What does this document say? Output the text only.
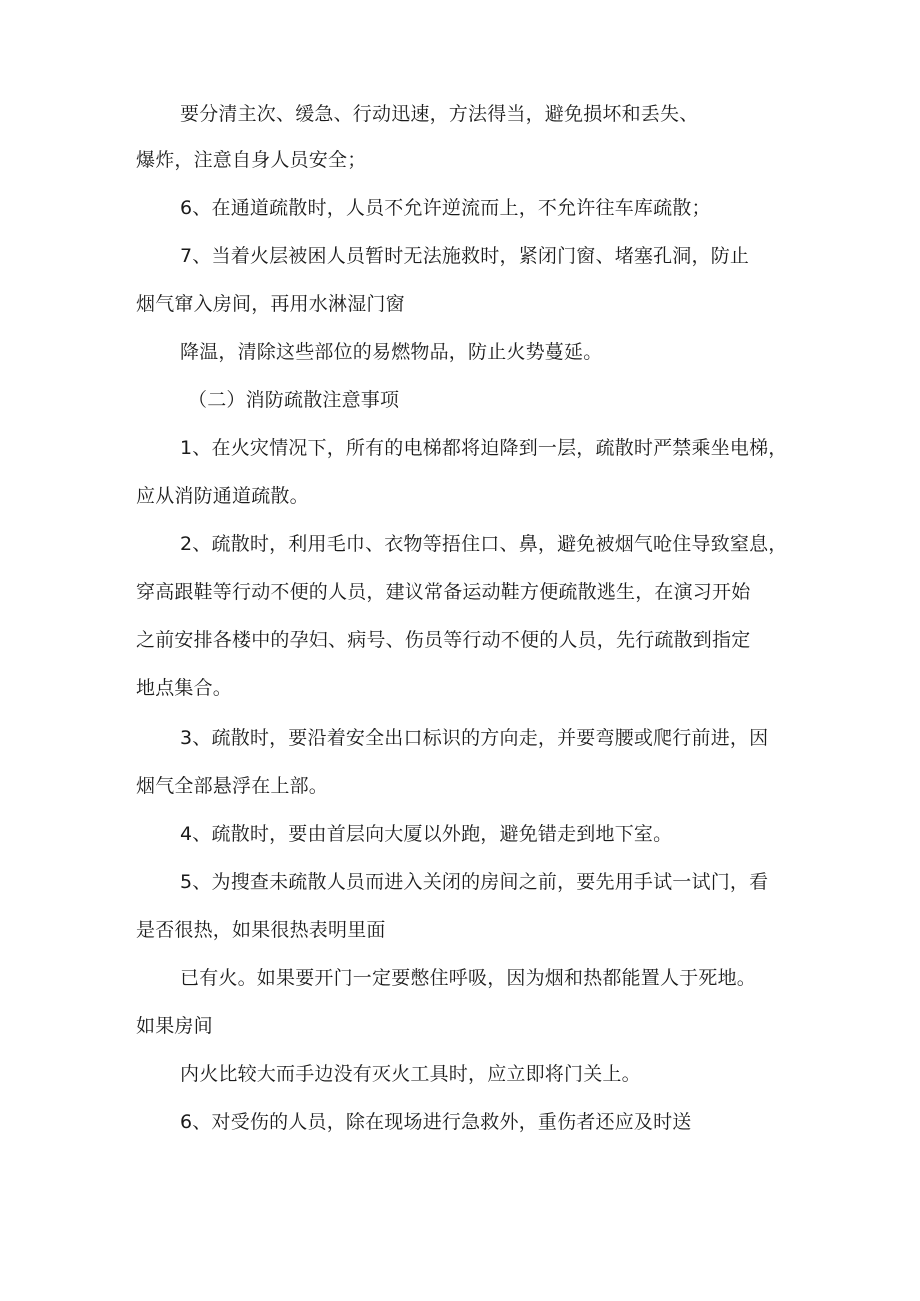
要分清主次、缓急、行动迅速，方法得当，避免损坏和丢失、
爆炸，注意自身人员安全；
6、在通道疏散时，人员不允许逆流而上，不允许往车库疏散；
7、当着火层被困人员暂时无法施救时，紧闭门窗、堵塞孔洞，防止
烟气窜入房间，再用水淋湿门窗
降温，清除这些部位的易燃物品，防止火势蔓延。
（二）消防疏散注意事项
1、在火灾情况下，所有的电梯都将迫降到一层，疏散时严禁乘坐电梯，
应从消防通道疏散。
2、疏散时，利用毛巾、衣物等捂住口、鼻，避免被烟气呛住导致窒息，
穿高跟鞋等行动不便的人员，建议常备运动鞋方便疏散逃生，在演习开始
之前安排各楼中的孕妇、病号、伤员等行动不便的人员，先行疏散到指定
地点集合。
3、疏散时，要沿着安全出口标识的方向走，并要弯腰或爬行前进，因
烟气全部悬浮在上部。
4、疏散时，要由首层向大厦以外跑，避免错走到地下室。
5、为搜查未疏散人员而进入关闭的房间之前，要先用手试一试门，看
是否很热，如果很热表明里面
已有火。如果要开门一定要憋住呼吸，因为烟和热都能置人于死地。
如果房间
内火比较大而手边没有灭火工具时，应立即将门关上。
6、对受伤的人员，除在现场进行急救外，重伤者还应及时送
